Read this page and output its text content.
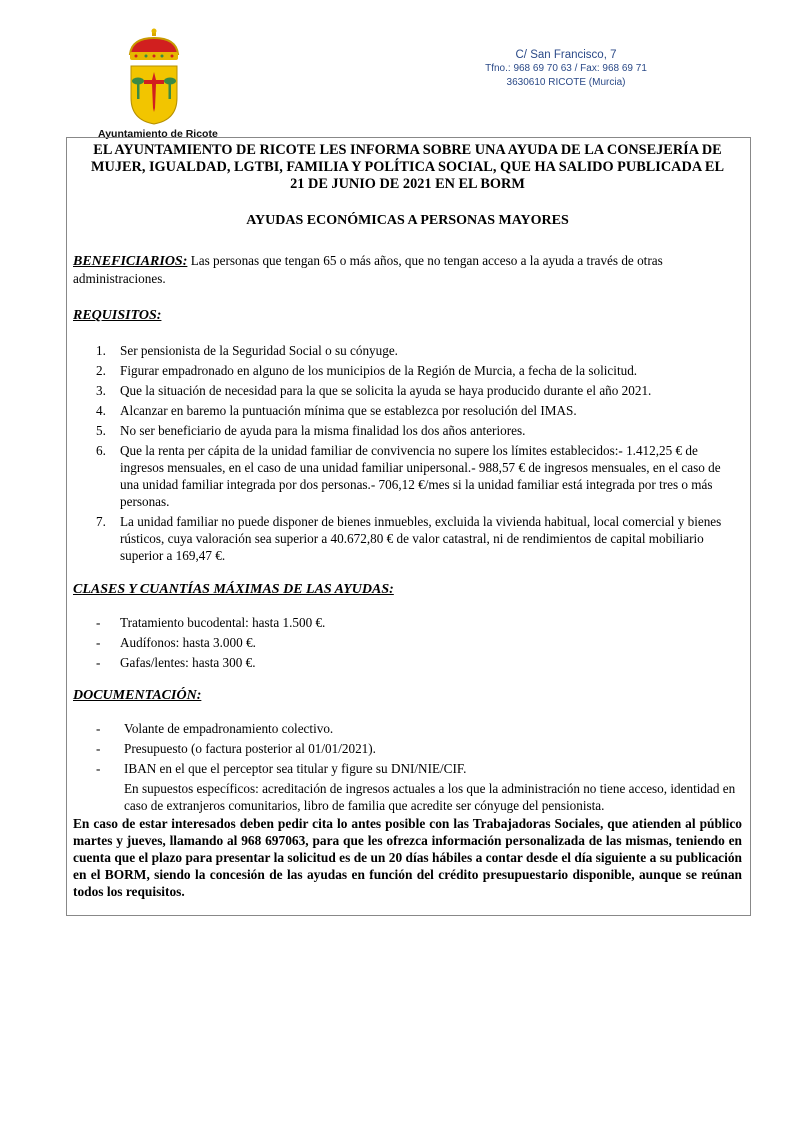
Ayuntamiento de Ricote
C/ San Francisco, 7
Tfno.: 968 69 70 63 / Fax: 968 69 71
3630610 RICOTE (Murcia)
EL AYUNTAMIENTO DE RICOTE LES INFORMA SOBRE UNA AYUDA DE LA CONSEJERÍA DE
MUJER, IGUALDAD, LGTBI, FAMILIA Y POLÍTICA SOCIAL, QUE HA SALIDO PUBLICADA EL
21 DE JUNIO DE 2021 EN EL BORM
AYUDAS ECONÓMICAS A PERSONAS MAYORES
BENEFICIARIOS: Las personas que tengan 65 o más años, que no tengan acceso a la ayuda a través de otras administraciones.
REQUISITOS:
1. Ser pensionista de la Seguridad Social o su cónyuge.
2. Figurar empadronado en alguno de los municipios de la Región de Murcia, a fecha de la solicitud.
3. Que la situación de necesidad para la que se solicita la ayuda se haya producido durante el año 2021.
4. Alcanzar en baremo la puntuación mínima que se establezca por resolución del IMAS.
5. No ser beneficiario de ayuda para la misma finalidad los dos años anteriores.
6. Que la renta per cápita de la unidad familiar de convivencia no supere los límites establecidos:- 1.412,25 € de ingresos mensuales, en el caso de una unidad familiar unipersonal.- 988,57 € de ingresos mensuales, en el caso de una unidad familiar integrada por dos personas.- 706,12 €/mes si la unidad familiar está integrada por tres o más personas.
7. La unidad familiar no puede disponer de bienes inmuebles, excluida la vivienda habitual, local comercial y bienes rústicos, cuya valoración sea superior a 40.672,80 € de valor catastral, ni de rendimientos de capital mobiliario superior a 169,47 €.
CLASES Y CUANTÍAS MÁXIMAS DE LAS AYUDAS:
- Tratamiento bucodental: hasta 1.500 €.
- Audífonos: hasta 3.000 €.
- Gafas/lentes: hasta 300 €.
DOCUMENTACIÓN:
- Volante de empadronamiento colectivo.
- Presupuesto (o factura posterior al 01/01/2021).
- IBAN en el que el perceptor sea titular y figure su DNI/NIE/CIF.
En supuestos específicos: acreditación de ingresos actuales a los que la administración no tiene acceso, identidad en caso de extranjeros comunitarios, libro de familia que acredite ser cónyuge del pensionista.
En caso de estar interesados deben pedir cita lo antes posible con las Trabajadoras Sociales, que atienden al público martes y jueves, llamando al 968 697063, para que les ofrezca información personalizada de las mismas, teniendo en cuenta que el plazo para presentar la solicitud es de un 20 días hábiles a contar desde el día siguiente a su publicación en el BORM, siendo la concesión de las ayudas en función del crédito presupuestario disponible, aunque se reúnan todos los requisitos.
